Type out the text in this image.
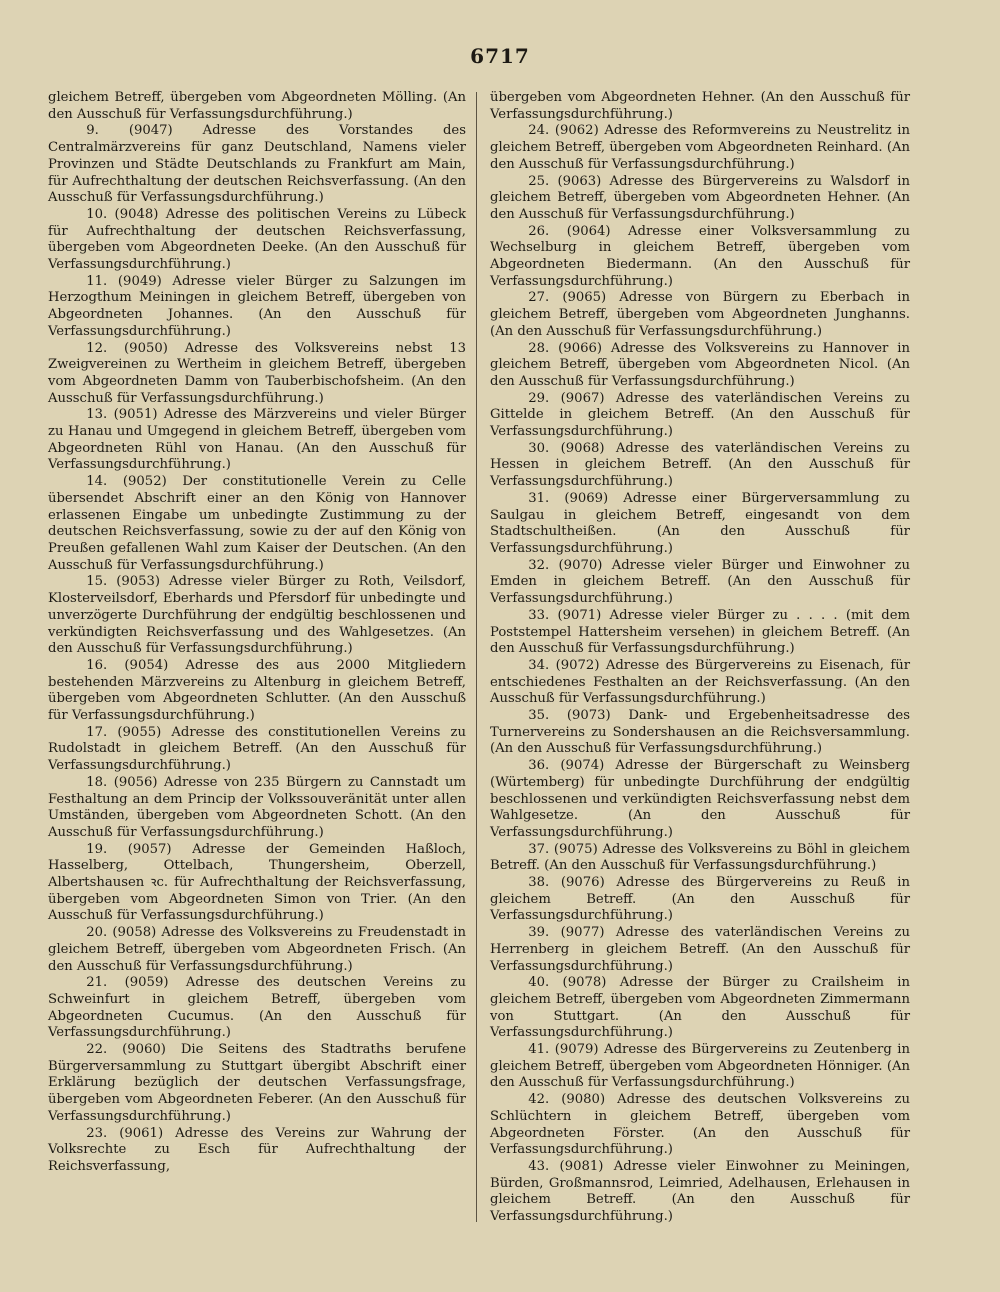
6717

gleichem Betreff, übergeben vom Abgeordneten Mölling. (An den Ausschuß für Verfassungsdurchführung.)

9. (9047) Adresse des Vorstandes des Centralmärzvereins für ganz Deutschland, Namens vieler Provinzen und Städte Deutschlands zu Frankfurt am Main, für Aufrechthaltung der deutschen Reichsverfassung. (An den Ausschuß für Verfassungsdurchführung.)

10. (9048) Adresse des politischen Vereins zu Lübeck für Aufrechthaltung der deutschen Reichsverfassung, übergeben vom Abgeordneten Deeke. (An den Ausschuß für Verfassungsdurchführung.)

11. (9049) Adresse vieler Bürger zu Salzungen im Herzogthum Meiningen in gleichem Betreff, übergeben von Abgeordneten Johannes. (An den Ausschuß für Verfassungsdurchführung.)

12. (9050) Adresse des Volksvereins nebst 13 Zweigvereinen zu Wertheim in gleichem Betreff, übergeben vom Abgeordneten Damm von Tauberbischofsheim. (An den Ausschuß für Verfassungsdurchführung.)

13. (9051) Adresse des Märzvereins und vieler Bürger zu Hanau und Umgegend in gleichem Betreff, übergeben vom Abgeordneten Rühl von Hanau. (An den Ausschuß für Verfassungsdurchführung.)

14. (9052) Der constitutionelle Verein zu Celle übersendet Abschrift einer an den König von Hannover erlassenen Eingabe um unbedingte Zustimmung zu der deutschen Reichsverfassung, sowie zu der auf den König von Preußen gefallenen Wahl zum Kaiser der Deutschen. (An den Ausschuß für Verfassungsdurchführung.)

15. (9053) Adresse vieler Bürger zu Roth, Veilsdorf, Klosterveilsdorf, Eberhards und Pfersdorf für unbedingte und unverzögerte Durchführung der endgültig beschlossenen und verkündigten Reichsverfassung und des Wahlgesetzes. (An den Ausschuß für Verfassungsdurchführung.)

16. (9054) Adresse des aus 2000 Mitgliedern bestehenden Märzvereins zu Altenburg in gleichem Betreff, übergeben vom Abgeordneten Schlutter. (An den Ausschuß für Verfassungsdurchführung.)

17. (9055) Adresse des constitutionellen Vereins zu Rudolstadt in gleichem Betreff. (An den Ausschuß für Verfassungsdurchführung.)

18. (9056) Adresse von 235 Bürgern zu Cannstadt um Festhaltung an dem Princip der Volkssouveränität unter allen Umständen, übergeben vom Abgeordneten Schott. (An den Ausschuß für Verfassungsdurchführung.)

19. (9057) Adresse der Gemeinden Haßloch, Hasselberg, Ottelbach, Thungersheim, Oberzell, Albertshausen ꝛc. für Aufrechthaltung der Reichsverfassung, übergeben vom Abgeordneten Simon von Trier. (An den Ausschuß für Verfassungsdurchführung.)

20. (9058) Adresse des Volksvereins zu Freudenstadt in gleichem Betreff, übergeben vom Abgeordneten Frisch. (An den Ausschuß für Verfassungsdurchführung.)

21. (9059) Adresse des deutschen Vereins zu Schweinfurt in gleichem Betreff, übergeben vom Abgeordneten Cucumus. (An den Ausschuß für Verfassungsdurchführung.)

22. (9060) Die Seitens des Stadtraths berufene Bürgerversammlung zu Stuttgart übergibt Abschrift einer Erklärung bezüglich der deutschen Verfassungsfrage, übergeben vom Abgeordneten Feberer. (An den Ausschuß für Verfassungsdurchführung.)

23. (9061) Adresse des Vereins zur Wahrung der Volksrechte zu Esch für Aufrechthaltung der Reichsverfassung,

übergeben vom Abgeordneten Hehner. (An den Ausschuß für Verfassungsdurchführung.)

24. (9062) Adresse des Reformvereins zu Neustrelitz in gleichem Betreff, übergeben vom Abgeordneten Reinhard. (An den Ausschuß für Verfassungsdurchführung.)

25. (9063) Adresse des Bürgervereins zu Walsdorf in gleichem Betreff, übergeben vom Abgeordneten Hehner. (An den Ausschuß für Verfassungsdurchführung.)

26. (9064) Adresse einer Volksversammlung zu Wechselburg in gleichem Betreff, übergeben vom Abgeordneten Biedermann. (An den Ausschuß für Verfassungsdurchführung.)

27. (9065) Adresse von Bürgern zu Eberbach in gleichem Betreff, übergeben vom Abgeordneten Junghanns. (An den Ausschuß für Verfassungsdurchführung.)

28. (9066) Adresse des Volksvereins zu Hannover in gleichem Betreff, übergeben vom Abgeordneten Nicol. (An den Ausschuß für Verfassungsdurchführung.)

29. (9067) Adresse des vaterländischen Vereins zu Gittelde in gleichem Betreff. (An den Ausschuß für Verfassungsdurchführung.)

30. (9068) Adresse des vaterländischen Vereins zu Hessen in gleichem Betreff. (An den Ausschuß für Verfassungsdurchführung.)

31. (9069) Adresse einer Bürgerversammlung zu Saulgau in gleichem Betreff, eingesandt von dem Stadtschultheißen. (An den Ausschuß für Verfassungsdurchführung.)

32. (9070) Adresse vieler Bürger und Einwohner zu Emden in gleichem Betreff. (An den Ausschuß für Verfassungsdurchführung.)

33. (9071) Adresse vieler Bürger zu . . . . (mit dem Poststempel Hattersheim versehen) in gleichem Betreff. (An den Ausschuß für Verfassungsdurchführung.)

34. (9072) Adresse des Bürgervereins zu Eisenach, für entschiedenes Festhalten an der Reichsverfassung. (An den Ausschuß für Verfassungsdurchführung.)

35. (9073) Dank- und Ergebenheitsadresse des Turnervereins zu Sondershausen an die Reichsversammlung. (An den Ausschuß für Verfassungsdurchführung.)

36. (9074) Adresse der Bürgerschaft zu Weinsberg (Würtemberg) für unbedingte Durchführung der endgültig beschlossenen und verkündigten Reichsverfassung nebst dem Wahlgesetze. (An den Ausschuß für Verfassungsdurchführung.)

37. (9075) Adresse des Volksvereins zu Böhl in gleichem Betreff. (An den Ausschuß für Verfassungsdurchführung.)

38. (9076) Adresse des Bürgervereins zu Reuß in gleichem Betreff. (An den Ausschuß für Verfassungsdurchführung.)

39. (9077) Adresse des vaterländischen Vereins zu Herrenberg in gleichem Betreff. (An den Ausschuß für Verfassungsdurchführung.)

40. (9078) Adresse der Bürger zu Crailsheim in gleichem Betreff, übergeben vom Abgeordneten Zimmermann von Stuttgart. (An den Ausschuß für Verfassungsdurchführung.)

41. (9079) Adresse des Bürgervereins zu Zeutenberg in gleichem Betreff, übergeben vom Abgeordneten Hönniger. (An den Ausschuß für Verfassungsdurchführung.)

42. (9080) Adresse des deutschen Volksvereins zu Schlüchtern in gleichem Betreff, übergeben vom Abgeordneten Förster. (An den Ausschuß für Verfassungsdurchführung.)

43. (9081) Adresse vieler Einwohner zu Meiningen, Bürden, Großmannsrod, Leimried, Adelhausen, Erlehausen in gleichem Betreff. (An den Ausschuß für Verfassungsdurchführung.)
